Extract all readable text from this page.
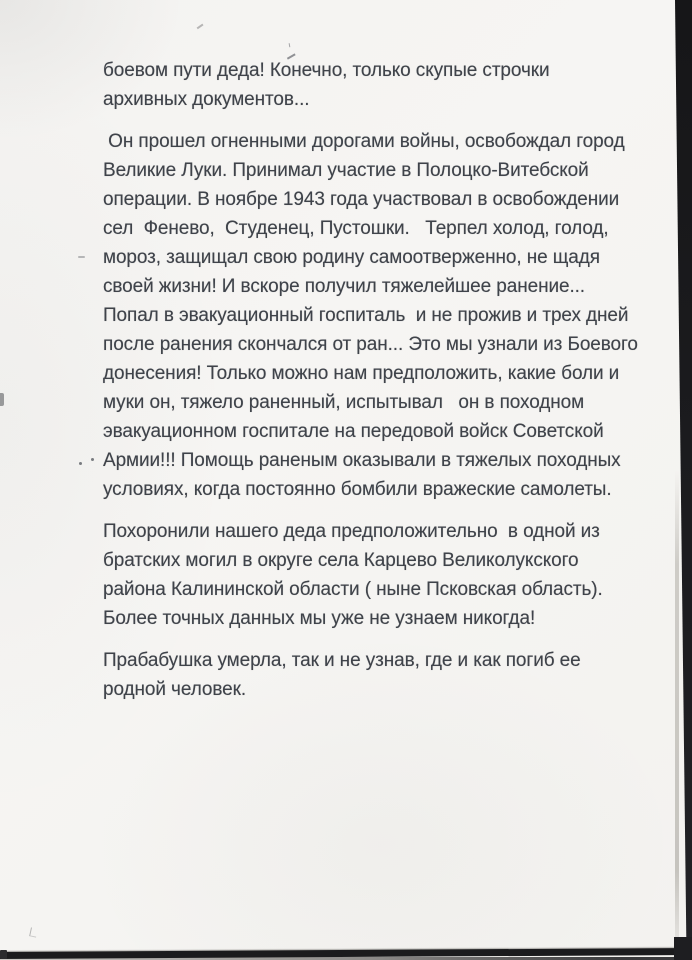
боевом пути деда! Конечно, только скупые строчки
архивных документов...
Он прошел огненными дорогами войны, освобождал город
Великие Луки. Принимал участие в Полоцко-Витебской
операции. В ноябре 1943 года участвовал в освобождении
сел  Фенево,  Студенец, Пустошки.   Терпел холод, голод,
мороз, защищал свою родину самоотверженно, не щадя
своей жизни! И вскоре получил тяжелейшее ранение...
Попал в эвакуационный госпиталь  и не прожив и трех дней
после ранения скончался от ран... Это мы узнали из Боевого
донесения! Только можно нам предположить, какие боли и
муки он, тяжело раненный, испытывал   он в походном
эвакуационном госпитале на передовой войск Советской
Армии!!! Помощь раненым оказывали в тяжелых походных
условиях, когда постоянно бомбили вражеские самолеты.
Похоронили нашего деда предположительно  в одной из
братских могил в округе села Карцево Великолукского
района Калининской области ( ныне Псковская область).
Более точных данных мы уже не узнаем никогда!
Прабабушка умерла, так и не узнав, где и как погиб ее
родной человек.
